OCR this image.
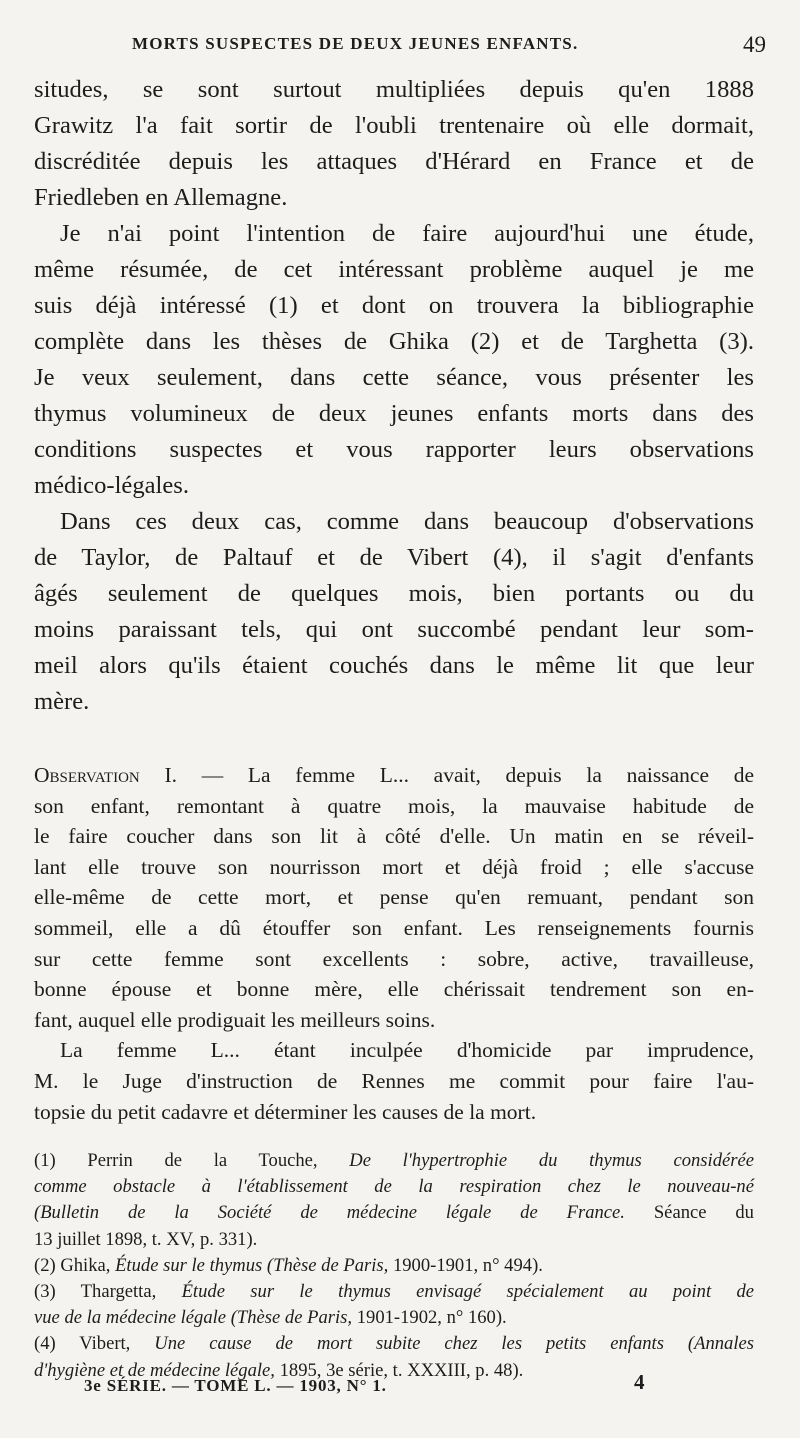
MORTS SUSPECTES DE DEUX JEUNES ENFANTS.	49
situdes, se sont surtout multipliées depuis qu'en 1888
Grawitz l'a fait sortir de l'oubli trentenaire où elle dormait,
discréditée depuis les attaques d'Hérard en France et de
Friedleben en Allemagne.
Je n'ai point l'intention de faire aujourd'hui une étude,
même résumée, de cet intéressant problème auquel je me
suis déjà intéressé (1) et dont on trouvera la bibliographie
complète dans les thèses de Ghika (2) et de Targhetta (3).
Je veux seulement, dans cette séance, vous présenter les
thymus volumineux de deux jeunes enfants morts dans des
conditions suspectes et vous rapporter leurs observations
médico-légales.
Dans ces deux cas, comme dans beaucoup d'observations
de Taylor, de Paltauf et de Vibert (4), il s'agit d'enfants
âgés seulement de quelques mois, bien portants ou du
moins paraissant tels, qui ont succombé pendant leur som-
meil alors qu'ils étaient couchés dans le même lit que leur
mère.
Observation I. — La femme L... avait, depuis la naissance de
son enfant, remontant à quatre mois, la mauvaise habitude de
le faire coucher dans son lit à côté d'elle. Un matin en se réveil-
lant elle trouve son nourrisson mort et déjà froid ; elle s'accuse
elle-même de cette mort, et pense qu'en remuant, pendant son
sommeil, elle a dû étouffer son enfant. Les renseignements fournis
sur cette femme sont excellents : sobre, active, travailleuse,
bonne épouse et bonne mère, elle chérissait tendrement son en-
fant, auquel elle prodiguait les meilleurs soins.
La femme L... étant inculpée d'homicide par imprudence,
M. le Juge d'instruction de Rennes me commit pour faire l'au-
topsie du petit cadavre et déterminer les causes de la mort.
(1) Perrin de la Touche, De l'hypertrophie du thymus considérée
comme obstacle à l'établissement de la respiration chez le nouveau-né
(Bulletin de la Société de médecine légale de France. Séance du
13 juillet 1898, t. XV, p. 331).
(2) Ghika, Étude sur le thymus (Thèse de Paris, 1900-1901, n° 494).
(3) Thargetta, Étude sur le thymus envisagé spécialement au point de
vue de la médecine légale (Thèse de Paris, 1901-1902, n° 160).
(4) Vibert, Une cause de mort subite chez les petits enfants (Annales
d'hygiène et de médecine légale, 1895, 3e série, t. XXXIII, p. 48).
3e SÉRIE. — TOME L. — 1903, N° 1.	4
